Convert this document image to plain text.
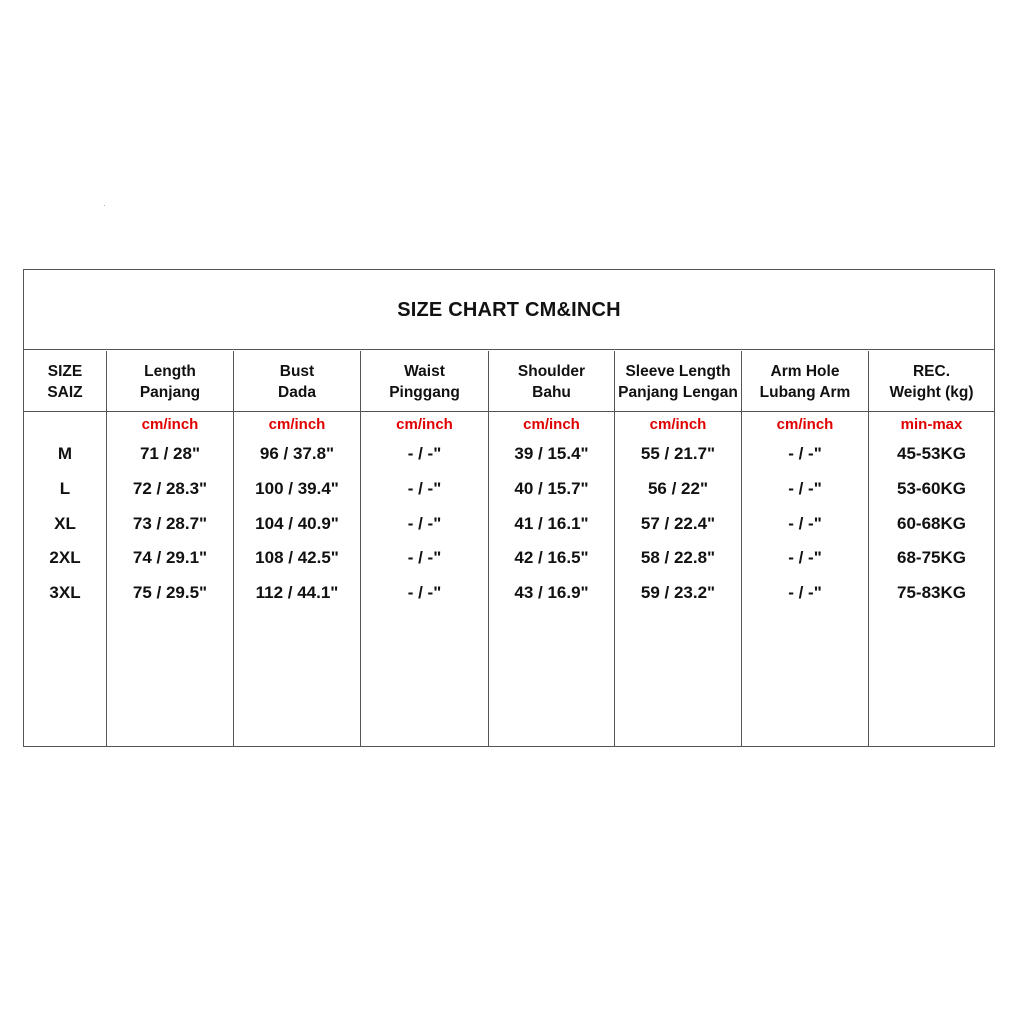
SIZE CHART CM&INCH
SIZE
SAIZ
M
L
XL
2XL
3XL
Length
Panjang
cm/inch
71 / 28"
72 / 28.3"
73 / 28.7"
74 / 29.1"
75 / 29.5"
Bust
Dada
cm/inch
96 / 37.8"
100 / 39.4"
104 / 40.9"
108 / 42.5"
112 / 44.1"
Waist
Pinggang
cm/inch
- / -"
- / -"
- / -"
- / -"
- / -"
Shoulder
Bahu
cm/inch
39 / 15.4"
40 / 15.7"
41 / 16.1"
42 / 16.5"
43 / 16.9"
Sleeve Length
Panjang Lengan
cm/inch
55 / 21.7"
56 / 22"
57 / 22.4"
58 / 22.8"
59 / 23.2"
Arm Hole
Lubang Arm
cm/inch
- / -"
- / -"
- / -"
- / -"
- / -"
REC.
Weight (kg)
min-max
45-53KG
53-60KG
60-68KG
68-75KG
75-83KG
